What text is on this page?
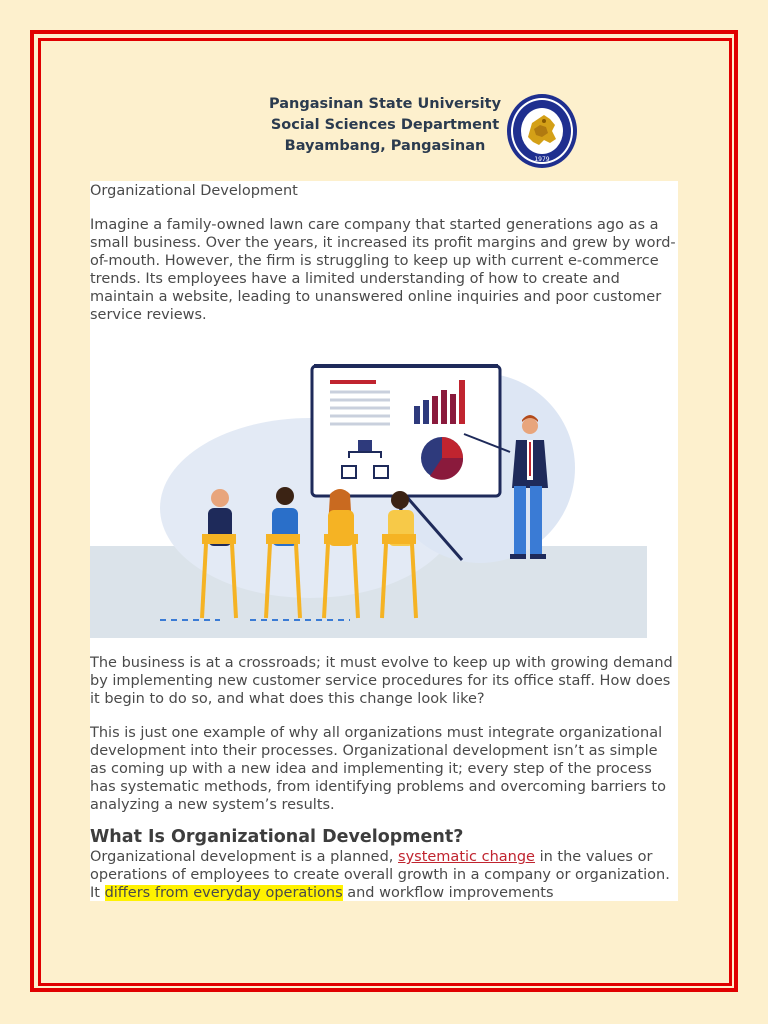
Pangasinan State University
Social Sciences Department
Bayambang, Pangasinan
1979

Organizational Development

Imagine a family-owned lawn care company that started generations ago as a small business. Over the years, it increased its profit margins and grew by word-of-mouth. However, the firm is struggling to keep up with current e-commerce trends. Its employees have a limited understanding of how to create and maintain a website, leading to unanswered online inquiries and poor customer service reviews.

The business is at a crossroads; it must evolve to keep up with growing demand by implementing new customer service procedures for its office staff. How does it begin to do so, and what does this change look like?

This is just one example of why all organizations must integrate organizational development into their processes. Organizational development isn’t as simple as coming up with a new idea and implementing it; every step of the process has systematic methods, from identifying problems and overcoming barriers to analyzing a new system’s results.

What Is Organizational Development?

Organizational development is a planned, systematic change in the values or operations of employees to create overall growth in a company or organization. It differs from everyday operations and workflow improvements
